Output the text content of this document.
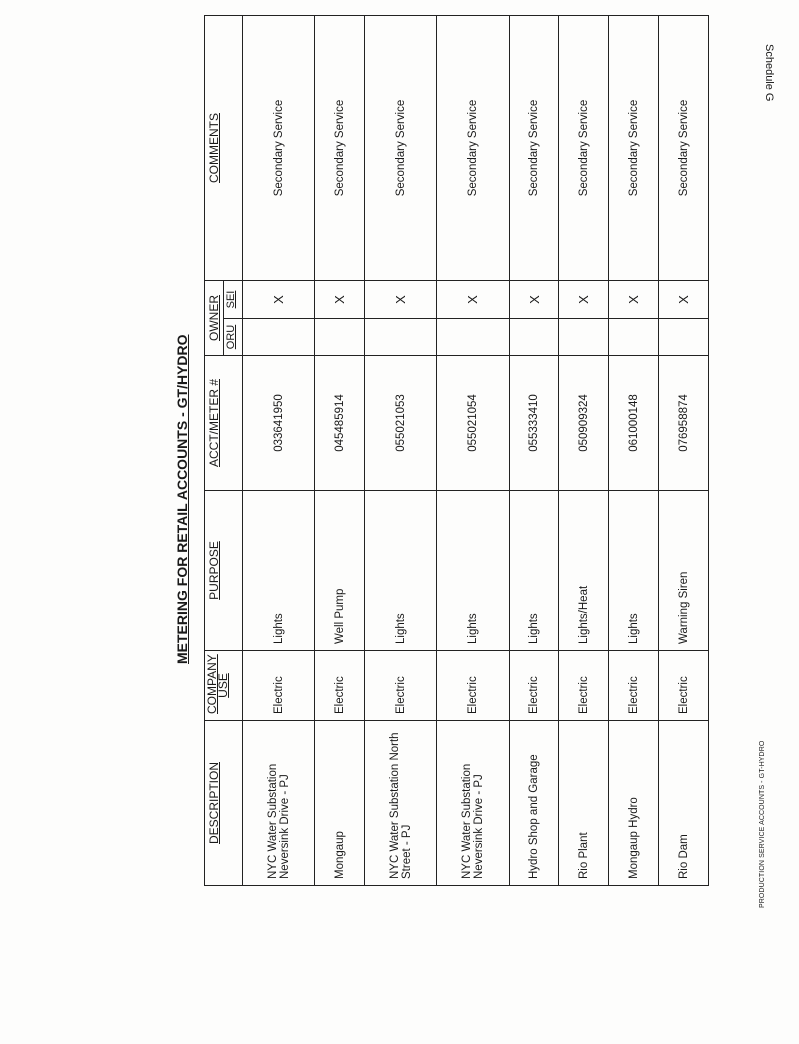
Schedule G
METERING FOR RETAIL ACCOUNTS - GT/HYDRO
DESCRIPTION	COMPANY USE	PURPOSE	ACCT/METER #	OWNER		COMMENTS
				ORU	SEI	
NYC Water Substation Neversink Drive - PJ	Electric	Lights	033641950		X	Secondary Service
Mongaup	Electric	Well Pump	045485914		X	Secondary Service
NYC Water Substation North Street - PJ	Electric	Lights	055021053		X	Secondary Service
NYC Water Substation Neversink Drive - PJ	Electric	Lights	055021054		X	Secondary Service
Hydro Shop and Garage	Electric	Lights	055333410		X	Secondary Service
Rio Plant	Electric	Lights/Heat	050909324		X	Secondary Service
Mongaup Hydro	Electric	Lights	061000148		X	Secondary Service
Rio Dam	Electric	Warning Siren	076958874		X	Secondary Service
PRODUCTION SERVICE ACCOUNTS - GT-HYDRO
